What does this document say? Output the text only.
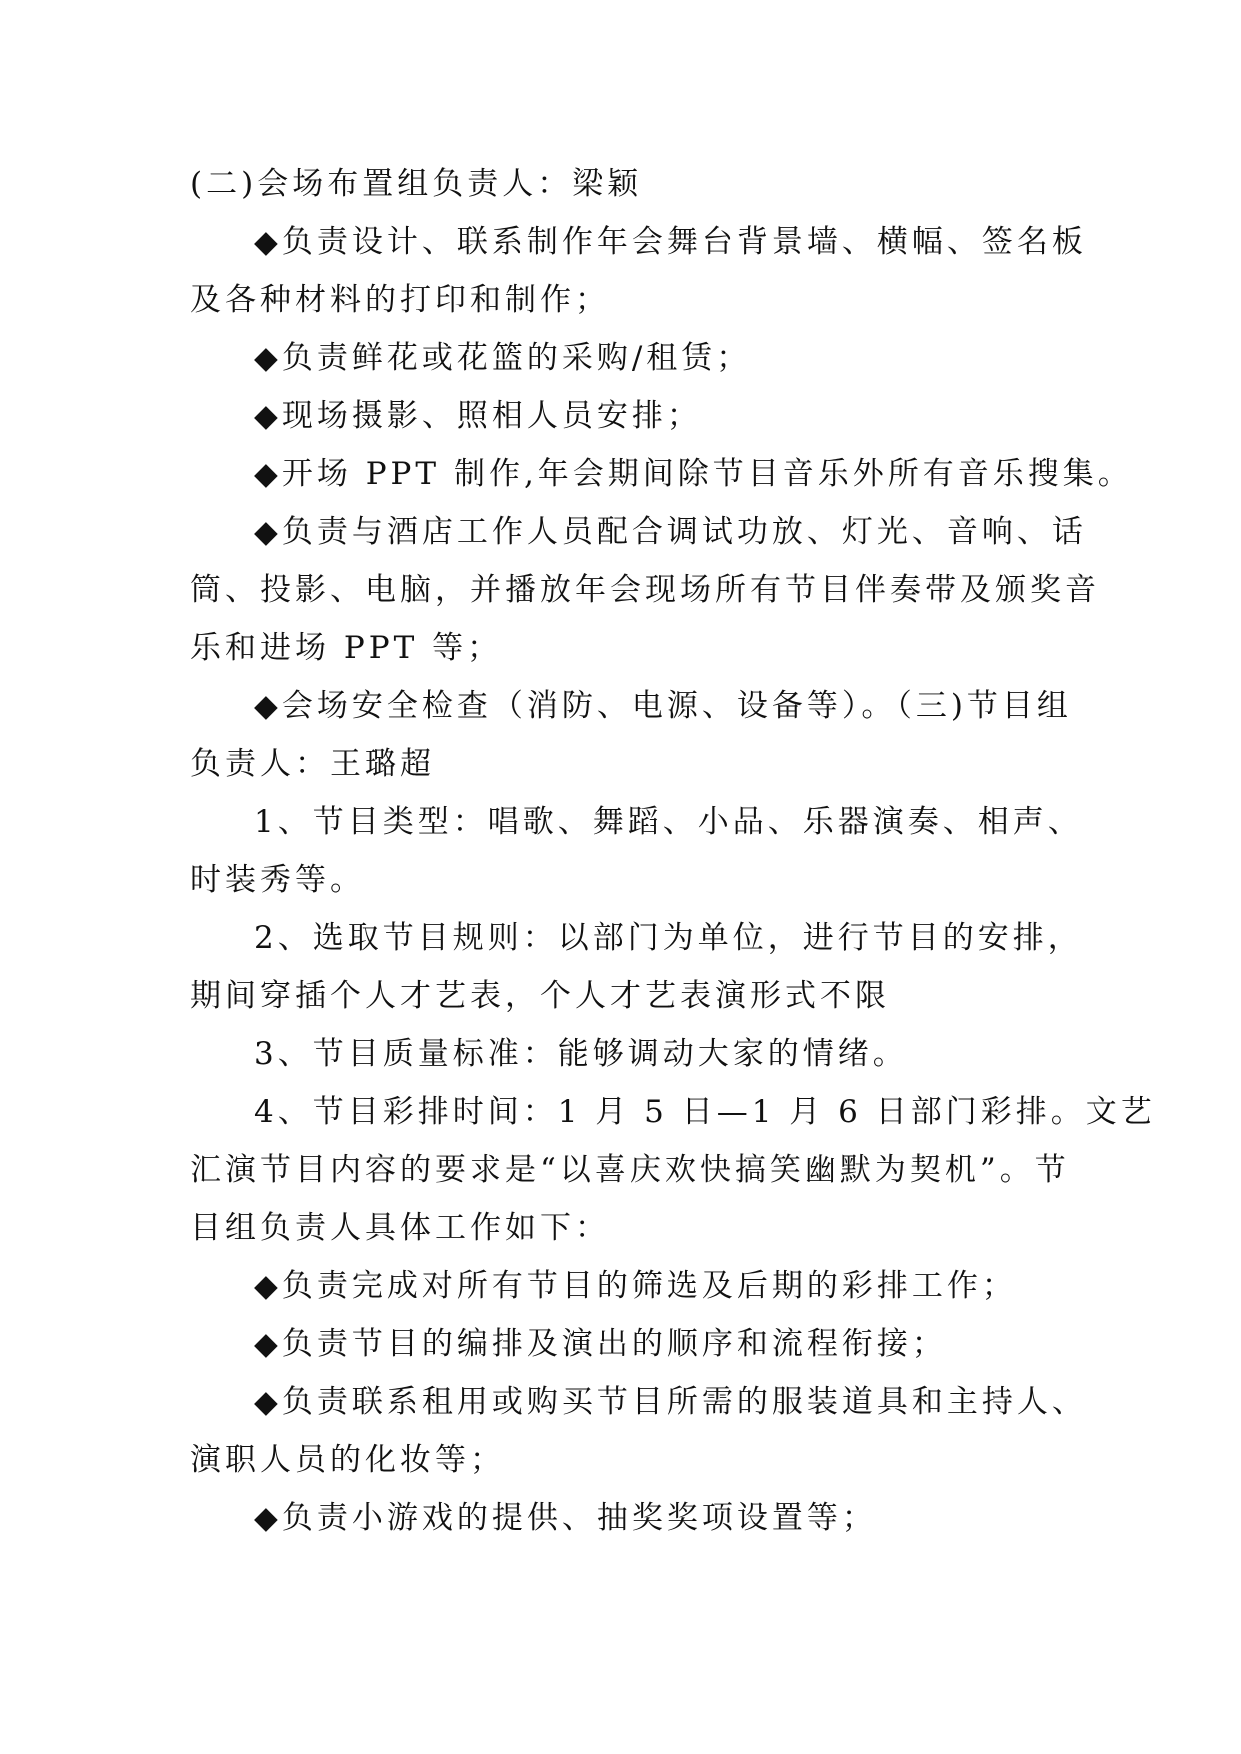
(二)会场布置组负责人：梁颖
◆负责设计、联系制作年会舞台背景墙、横幅、签名板
及各种材料的打印和制作；
◆负责鲜花或花篮的采购/租赁；
◆现场摄影、照相人员安排；
◆开场 PPT 制作,年会期间除节目音乐外所有音乐搜集。
◆负责与酒店工作人员配合调试功放、灯光、音响、话
筒、投影、电脑，并播放年会现场所有节目伴奏带及颁奖音
乐和进场 PPT 等；
◆会场安全检查（消防、电源、设备等）。（三)节目组
负责人：王璐超
1、节目类型：唱歌、舞蹈、小品、乐器演奏、相声、
时装秀等。
2、选取节目规则：以部门为单位，进行节目的安排，
期间穿插个人才艺表，个人才艺表演形式不限
3、节目质量标准：能够调动大家的情绪。
4、节目彩排时间：1 月 5 日—1 月 6 日部门彩排。文艺
汇演节目内容的要求是“以喜庆欢快搞笑幽默为契机”。节
目组负责人具体工作如下：
◆负责完成对所有节目的筛选及后期的彩排工作；
◆负责节目的编排及演出的顺序和流程衔接；
◆负责联系租用或购买节目所需的服装道具和主持人、
演职人员的化妆等；
◆负责小游戏的提供、抽奖奖项设置等；
